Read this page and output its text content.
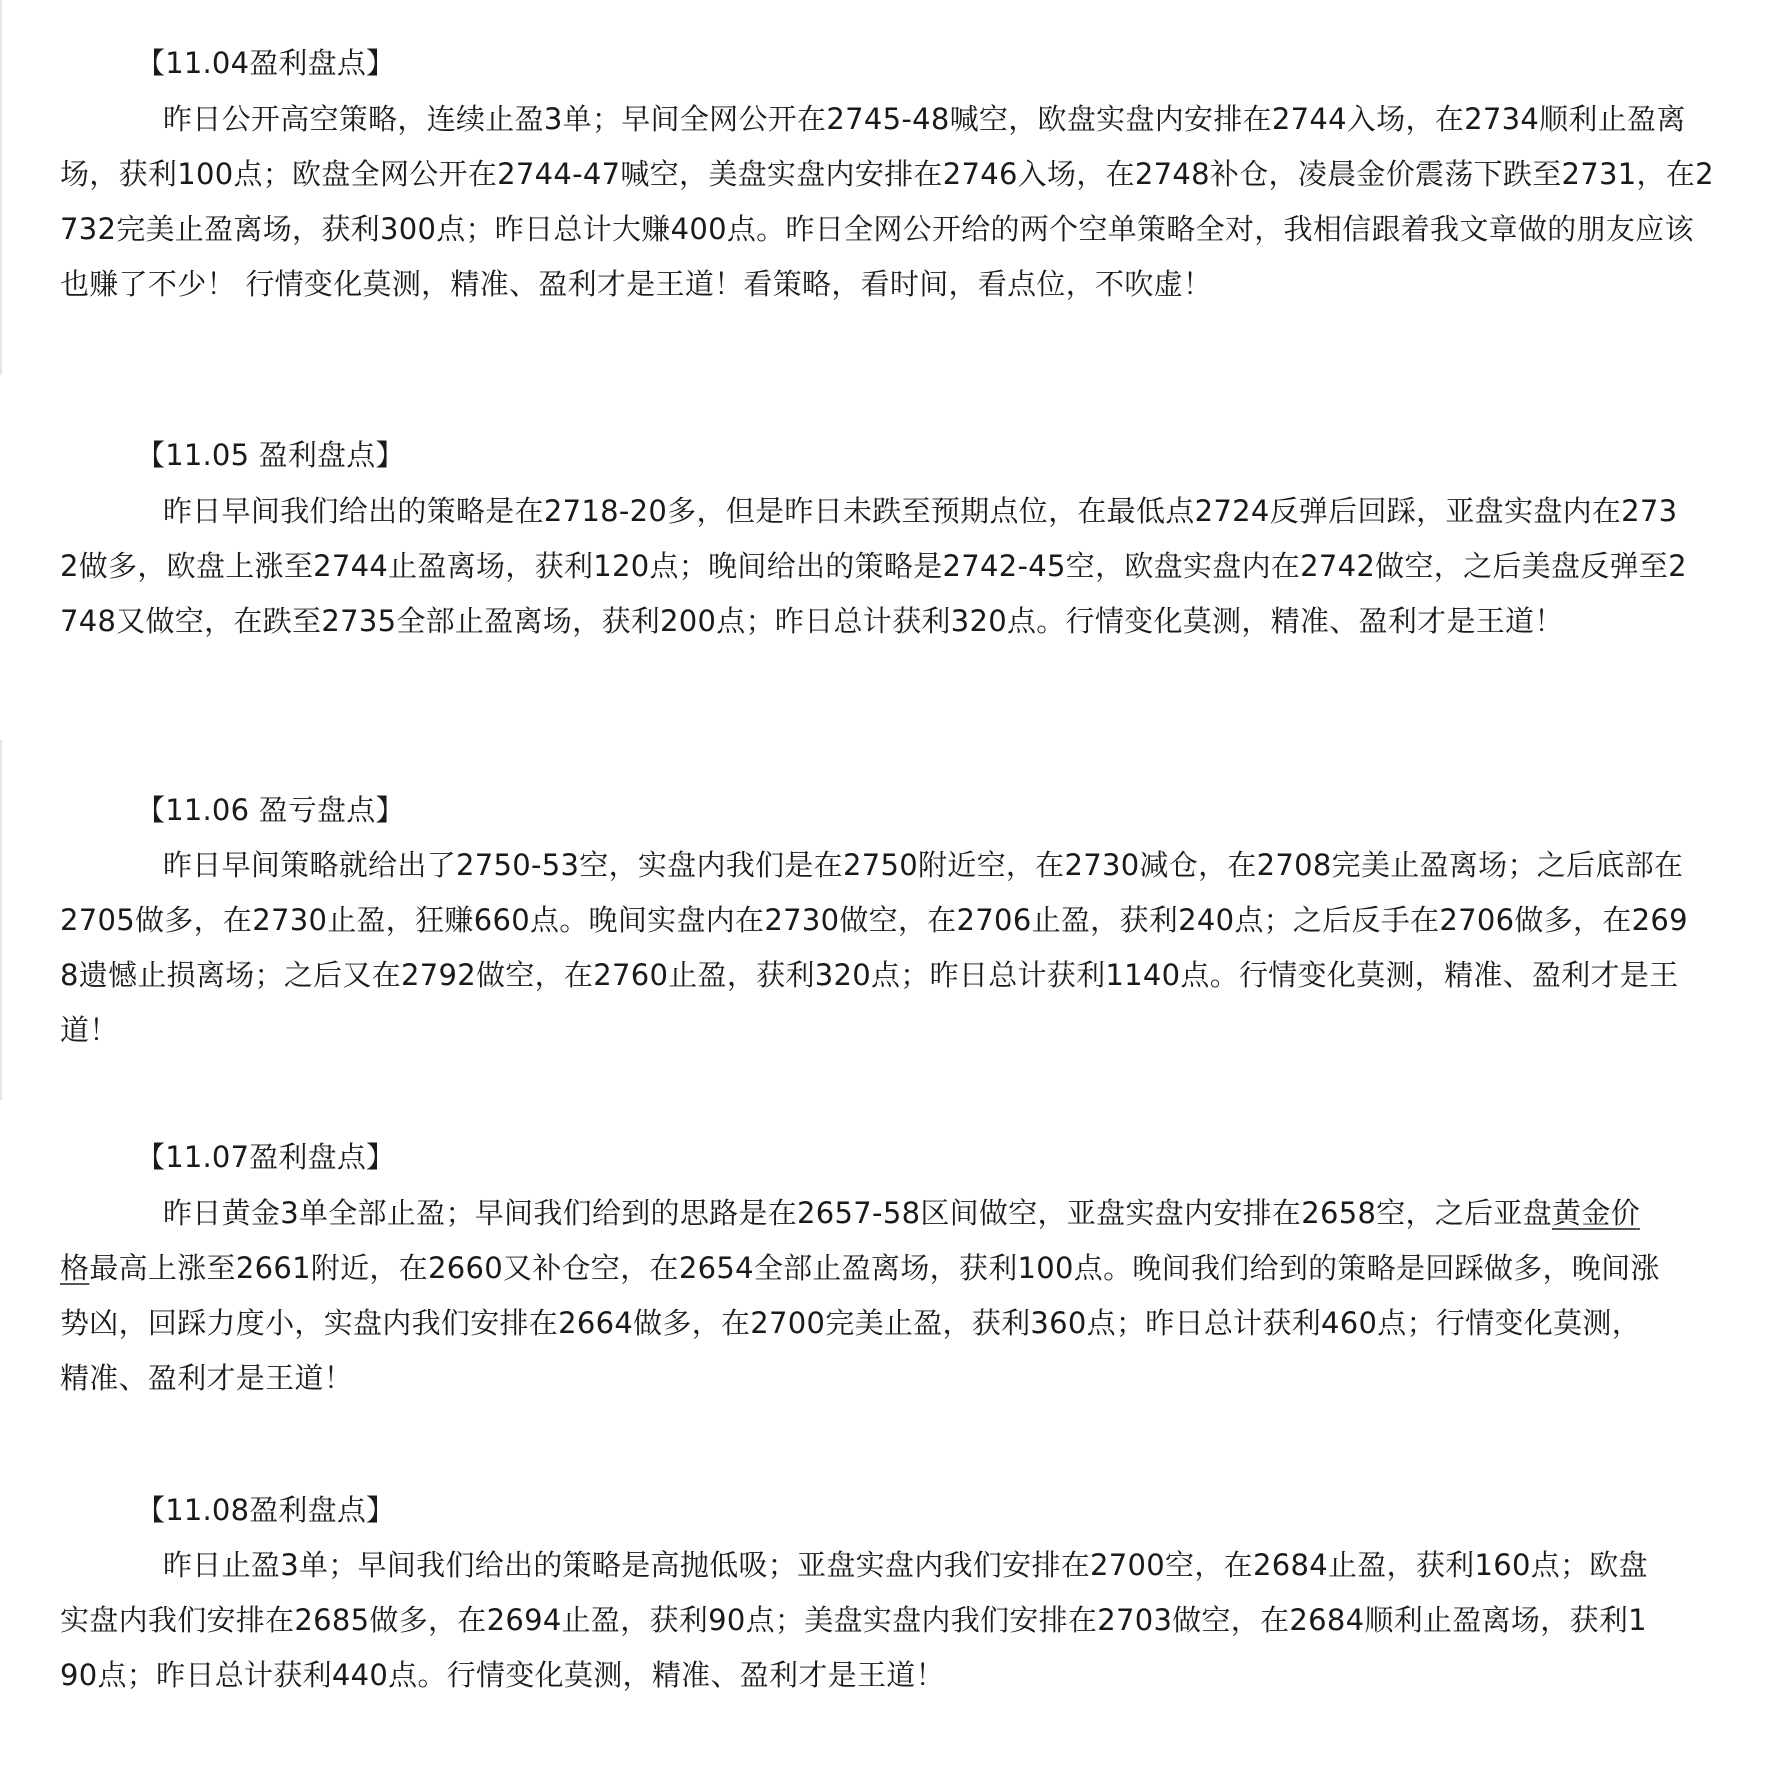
【11.04盈利盘点】

昨日公开高空策略，连续止盈3单；早间全网公开在2745-48喊空，欧盘实盘内安排在2744入场，在2734顺利止盈离场，获利100点；欧盘全网公开在2744-47喊空，美盘实盘内安排在2746入场，在2748补仓，凌晨金价震荡下跌至2731，在2732完美止盈离场，获利300点；昨日总计大赚400点。昨日全网公开给的两个空单策略全对，我相信跟着我文章做的朋友应该也赚了不少！ 行情变化莫测，精准、盈利才是王道！看策略，看时间，看点位，不吹虚！

【11.05 盈利盘点】

昨日早间我们给出的策略是在2718-20多，但是昨日未跌至预期点位，在最低点2724反弹后回踩，亚盘实盘内在2732做多，欧盘上涨至2744止盈离场，获利120点；晚间给出的策略是2742-45空，欧盘实盘内在2742做空，之后美盘反弹至2748又做空，在跌至2735全部止盈离场，获利200点；昨日总计获利320点。行情变化莫测，精准、盈利才是王道！

【11.06 盈亏盘点】

昨日早间策略就给出了2750-53空，实盘内我们是在2750附近空，在2730减仓，在2708完美止盈离场；之后底部在2705做多，在2730止盈，狂赚660点。晚间实盘内在2730做空，在2706止盈，获利240点；之后反手在2706做多，在2698遗憾止损离场；之后又在2792做空，在2760止盈，获利320点；昨日总计获利1140点。行情变化莫测，精准、盈利才是王道！

【11.07盈利盘点】

昨日黄金3单全部止盈；早间我们给到的思路是在2657-58区间做空，亚盘实盘内安排在2658空，之后亚盘黄金价格最高上涨至2661附近，在2660又补仓空，在2654全部止盈离场，获利100点。晚间我们给到的策略是回踩做多，晚间涨势凶，回踩力度小，实盘内我们安排在2664做多，在2700完美止盈，获利360点；昨日总计获利460点；行情变化莫测，精准、盈利才是王道！

【11.08盈利盘点】

昨日止盈3单；早间我们给出的策略是高抛低吸；亚盘实盘内我们安排在2700空，在2684止盈，获利160点；欧盘实盘内我们安排在2685做多，在2694止盈，获利90点；美盘实盘内我们安排在2703做空，在2684顺利止盈离场，获利190点；昨日总计获利440点。行情变化莫测，精准、盈利才是王道！
